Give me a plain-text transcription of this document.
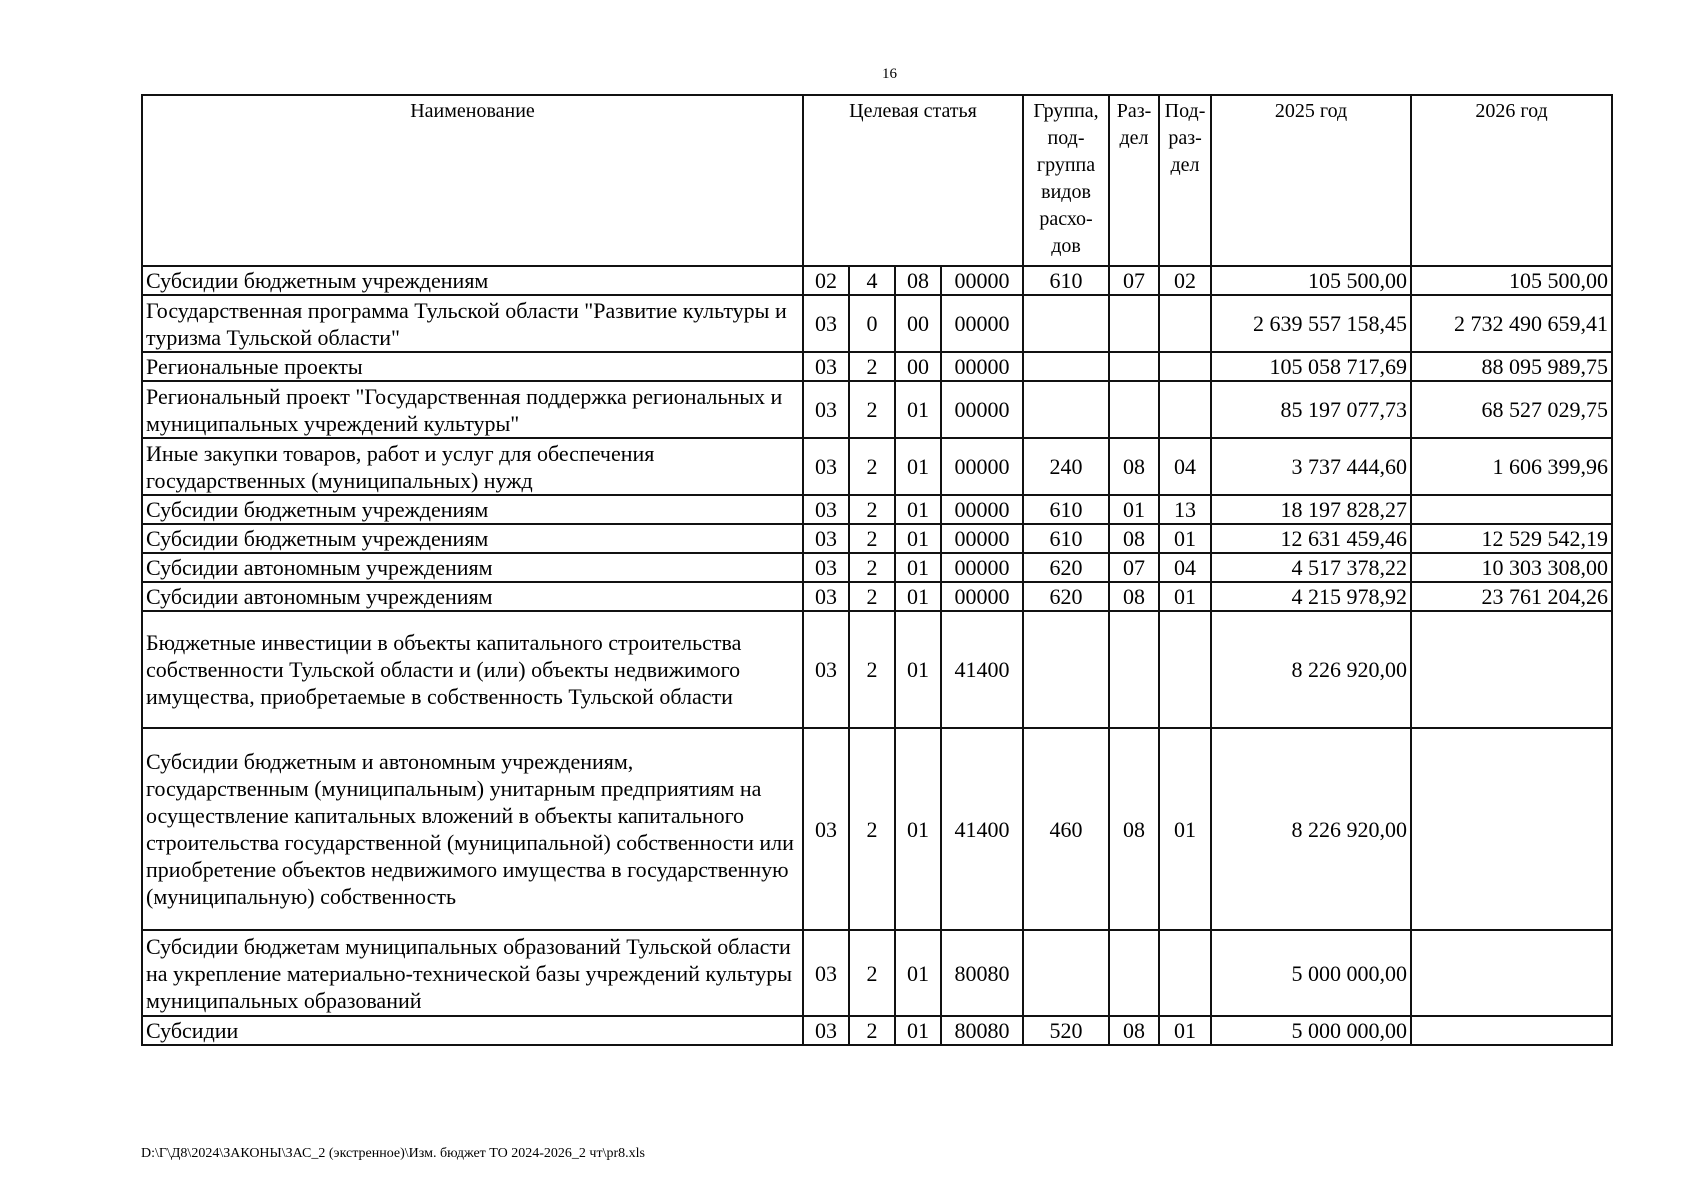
16
Наименование	Целевая статья				Группа, под-группа видов расхо-дов	Раз-дел	Под-раз-дел	2025 год	2026 год
Субсидии бюджетным учреждениям	02	4	08	00000	610	07	02	105 500,00	105 500,00
Государственная программа Тульской области "Развитие культуры и туризма Тульской области"	03	0	00	00000				2 639 557 158,45	2 732 490 659,41
Региональные проекты	03	2	00	00000				105 058 717,69	88 095 989,75
Региональный проект "Государственная поддержка региональных и муниципальных учреждений культуры"	03	2	01	00000				85 197 077,73	68 527 029,75
Иные закупки товаров, работ и услуг для обеспечения государственных (муниципальных) нужд	03	2	01	00000	240	08	04	3 737 444,60	1 606 399,96
Субсидии бюджетным учреждениям	03	2	01	00000	610	01	13	18 197 828,27	
Субсидии бюджетным учреждениям	03	2	01	00000	610	08	01	12 631 459,46	12 529 542,19
Субсидии автономным учреждениям	03	2	01	00000	620	07	04	4 517 378,22	10 303 308,00
Субсидии автономным учреждениям	03	2	01	00000	620	08	01	4 215 978,92	23 761 204,26
Бюджетные инвестиции в объекты капитального строительства собственности Тульской области и (или) объекты недвижимого имущества, приобретаемые в собственность Тульской области	03	2	01	41400				8 226 920,00	
Субсидии бюджетным и автономным учреждениям, государственным (муниципальным) унитарным предприятиям на осуществление капитальных вложений в объекты капитального строительства государственной (муниципальной) собственности или приобретение объектов недвижимого имущества в государственную (муниципальную) собственность	03	2	01	41400	460	08	01	8 226 920,00	
Субсидии бюджетам муниципальных образований Тульской области на укрепление материально-технической базы учреждений культуры муниципальных образований	03	2	01	80080				5 000 000,00	
Субсидии	03	2	01	80080	520	08	01	5 000 000,00	
D:\Г\Д8\2024\ЗАКОНЫ\ЗАС_2 (экстренное)\Изм. бюджет ТО 2024-2026_2 чт\pr8.xls
